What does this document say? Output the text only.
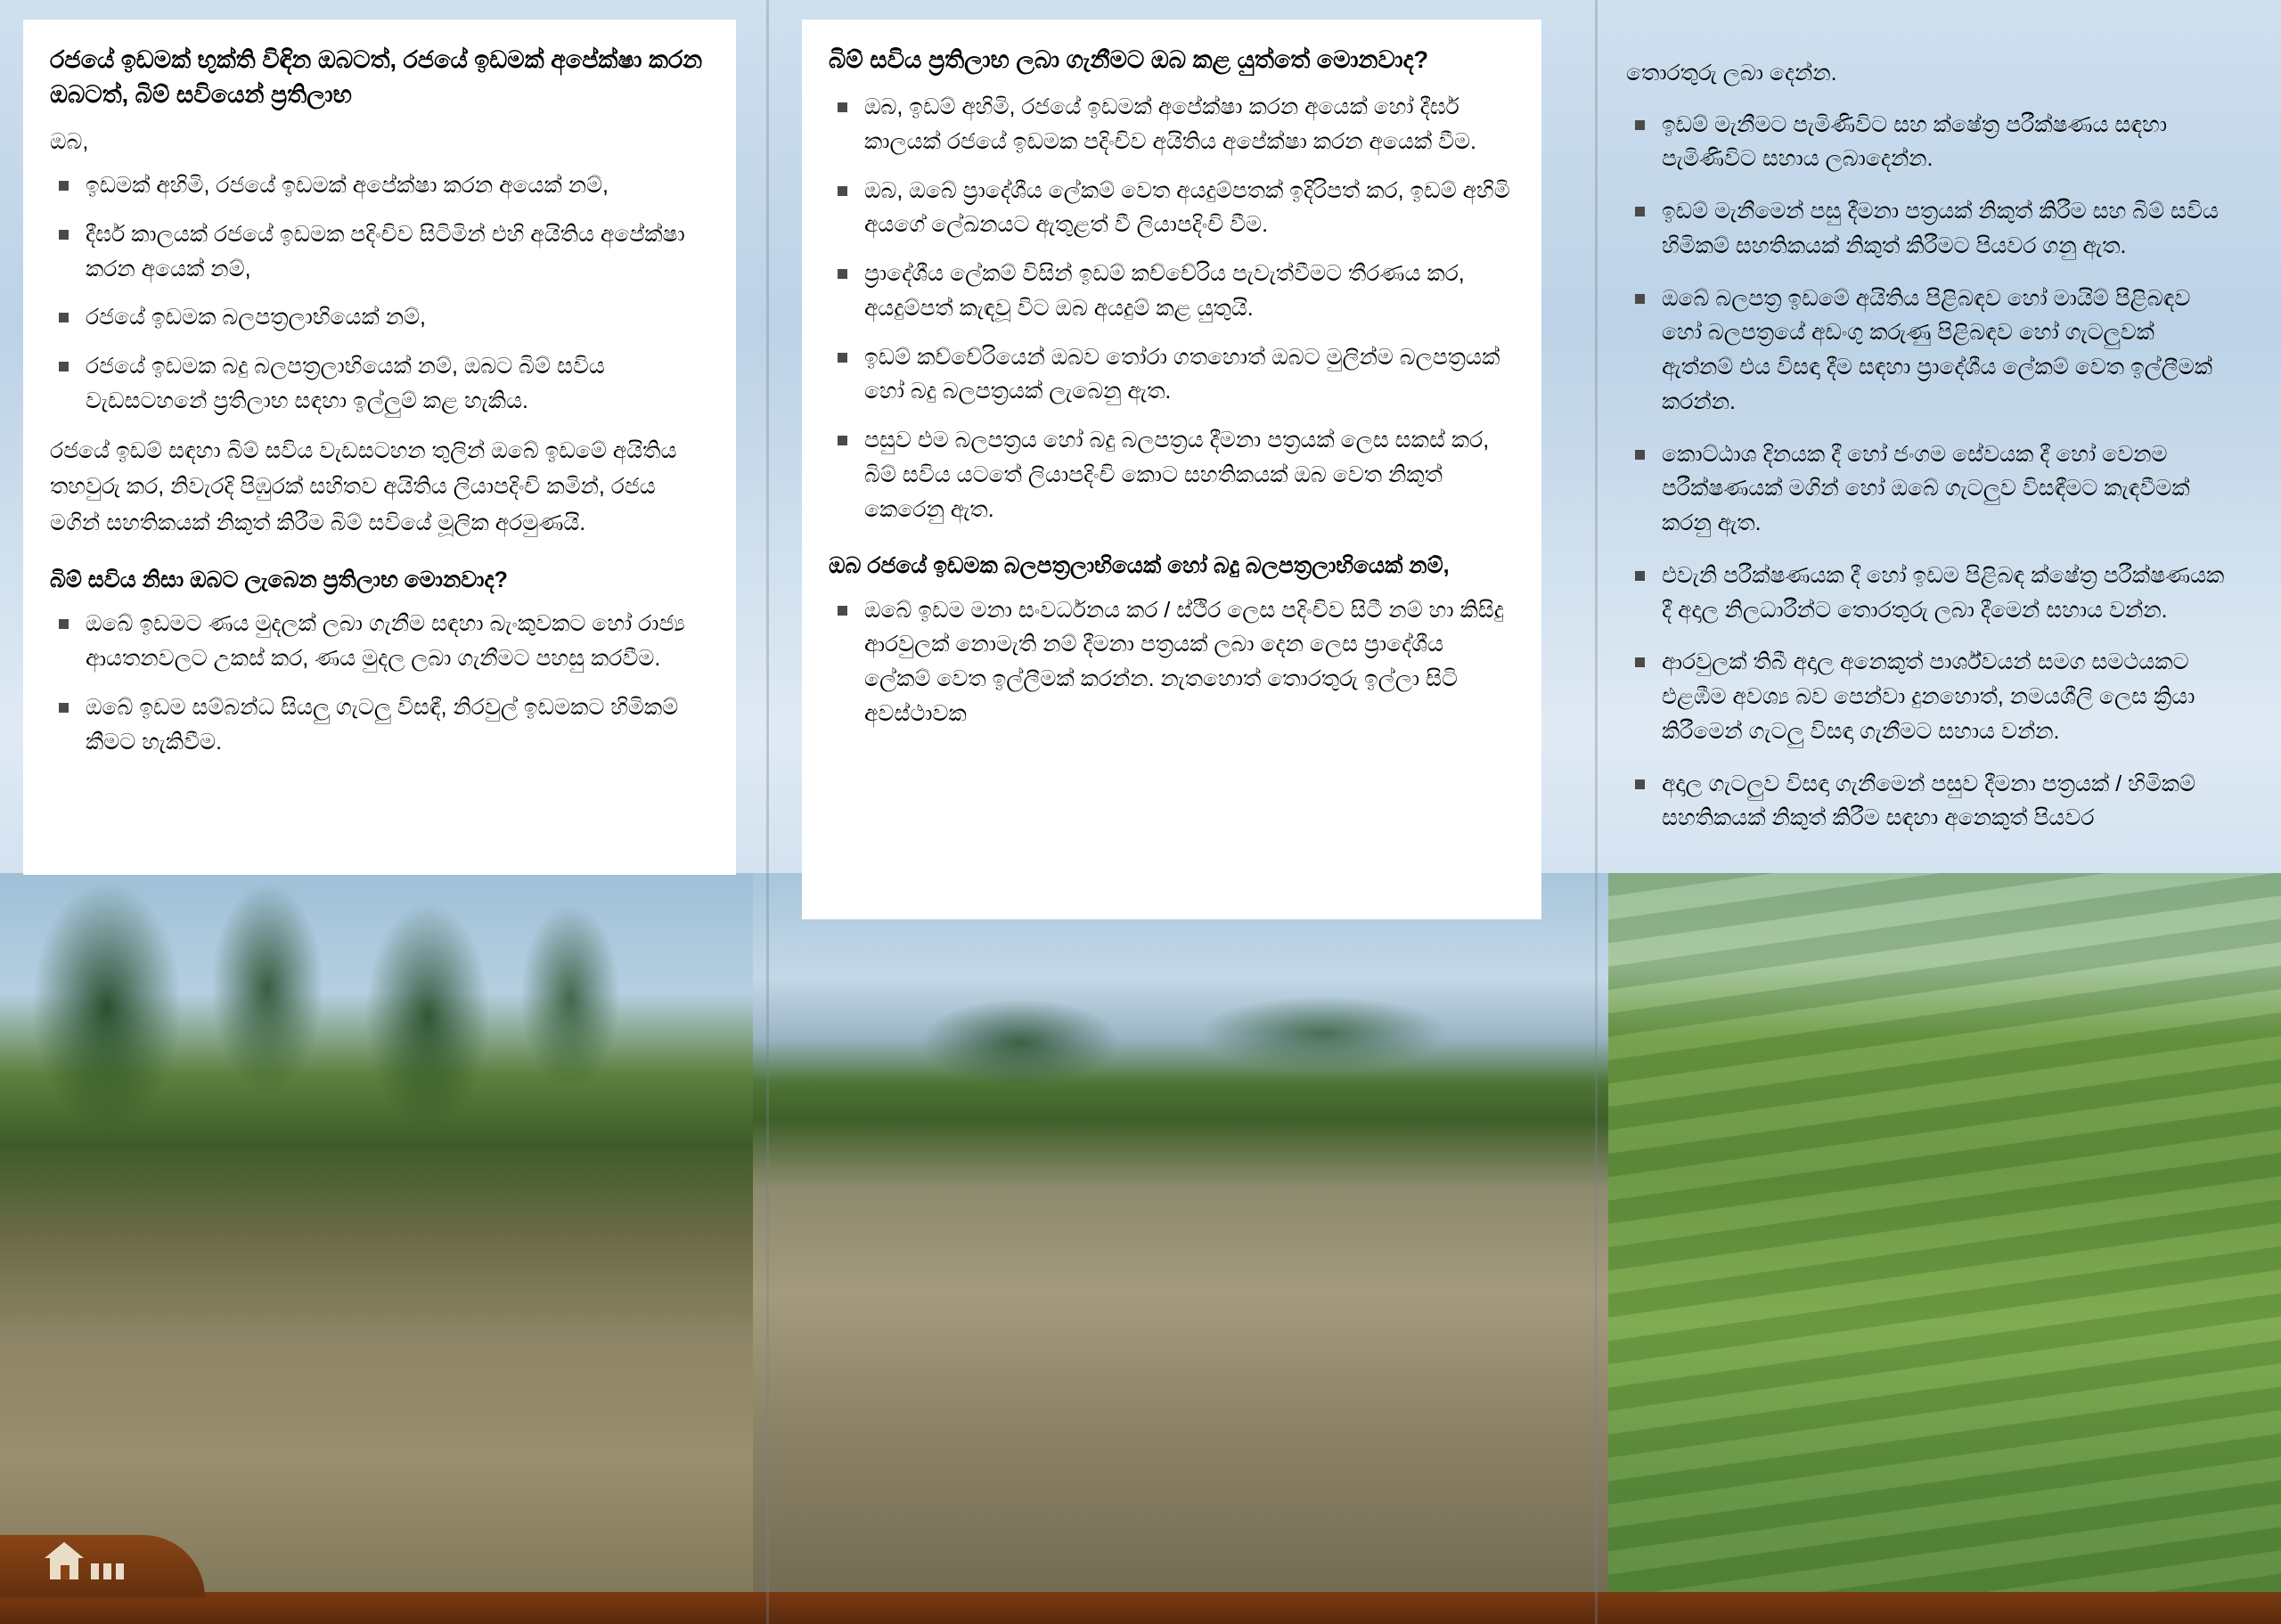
රජයේ ඉඩමක් භුක්ති විඳින ඔබටත්, රජයේ ඉඩමක් අපේක්ෂා කරන ඔබටත්, බිම් සවියෙන් ප්‍රතිලාභ

ඔබ,

ඉඩමක් අහිමි, රජයේ ඉඩමක් අපේක්ෂා කරන අයෙක් නම්,
දීර්ඝ කාලයක් රජයේ ඉඩමක පදිංචිව සිටිමින් එහි අයිතිය අපේක්ෂා කරන අයෙක් නම්,
රජයේ ඉඩමක බලපත්‍රලාභියෙක් නම්,
රජයේ ඉඩමක බදු බලපත්‍රලාභියෙක් නම්, ඔබට බිම් සවිය වැඩසටහනේ ප්‍රතිලාභ සඳහා ඉල්ලුම් කළ හැකිය.

රජයේ ඉඩම් සඳහා බිම් සවිය වැඩසටහන තුලින් ඔබේ ඉඩමේ අයිතිය තහවුරු කර, නිවැරදි පිඹුරක් සහිතව අයිතිය ලියාපදිංචි කමින්, රජය මගින් සහතිකයක් නිකුත් කිරීම බිම් සවියේ මූලික අරමුණයි.

බිම් සවිය නිසා ඔබට ලැබෙන ප්‍රතිලාභ මොනවාද?
ඔබේ ඉඩමට ණය මුදලක් ලබා ගැනීම සඳහා බැංකුවකට හෝ රාජ්‍ය ආයතනවලට උකස් කර, ණය මුදල ලබා ගැනීමට පහසු කරවීම.
ඔබේ ඉඩම සම්බන්ධ සියලු ගැටලු විසඳී, නිරවුල් ඉඩමකට හිමිකම් කීමට හැකිවීම.
බිම් සවිය ප්‍රතිලාභ ලබා ගැනීමට ඔබ කළ යුත්තේ මොනවාද?
ඔබ, ඉඩම් අහිමි, රජයේ ඉඩමක් අපේක්ෂා කරන අයෙක් හෝ දීර්ඝ කාලයක් රජයේ ඉඩමක පදිංචිව අයිතිය අපේක්ෂා කරන අයෙක් වීම.
ඔබ, ඔබේ ප්‍රාදේශීය ලේකම් වෙත අයදුම්පතක් ඉදිරිපත් කර, ඉඩම් අහිමි අයගේ ලේඛනයට ඇතුළත් වී ලියාපදිංචි වීම.
ප්‍රාදේශීය ලේකම් විසින් ඉඩම් කච්චේරිය පැවැත්වීමට තීරණය කර, අයදුම්පත් කැඳවූ විට ඔබ අයදුම් කළ යුතුයි.
ඉඩම් කච්චේරියෙන් ඔබව තෝරා ගතහොත් ඔබට මුලින්ම බලපත්‍රයක් හෝ බදු බලපත්‍රයක් ලැබෙනු ඇත.
පසුව එම බලපත්‍රය හෝ බදු බලපත්‍රය දීමනා පත්‍රයක් ලෙස සකස් කර, බිම් සවිය යටතේ ලියාපදිංචි කොට සහතිකයක් ඔබ වෙත නිකුත් කෙරෙනු ඇත.
ඔබ රජයේ ඉඩමක බලපත්‍රලාභියෙක් හෝ බදු බලපත්‍රලාභියෙක් නම්,
ඔබේ ඉඩම මනා සංවර්ධනය කර / ස්ථිර ලෙස පදිංචිව සිටී නම් හා කිසිදු ආරවුලක් නොමැති නම් දීමනා පත්‍රයක් ලබා දෙන ලෙස ප්‍රාදේශීය ලේකම් වෙත ඉල්ලීමක් කරන්න. නැතහොත් තොරතුරු ඉල්ලා සිටි අවස්ථාවක

තොරතුරු ලබා දෙන්න.

ඉඩම් මැනීමට පැමිණිවිට සහ ක්ෂේත්‍ර පරීක්ෂණය සඳහා පැමිණිවිට සහාය ලබාදෙන්න.
ඉඩම් මැනීමෙන් පසු දීමනා පත්‍රයක් නිකුත් කිරීම සහ බිම් සවිය හිමිකම් සහතිකයක් නිකුත් කිරීමට පියවර ගනු ඇත.
ඔබේ බලපත්‍ර ඉඩමේ අයිතිය පිළිබඳව හෝ මායිම් පිළිබඳව හෝ බලපත්‍රයේ අඩංගු කරුණු පිළිබඳව හෝ ගැටලුවක් ඇත්නම් එය විසඳා දීම සඳහා ප්‍රාදේශීය ලේකම් වෙත ඉල්ලීමක් කරන්න.
කොට්ඨාශ දිනයක දී හෝ ජංගම සේවයක දී හෝ වෙනම පරීක්ෂණයක් මගින් හෝ ඔබේ ගැටලුව විසඳීමට කැඳවීමක් කරනු ඇත.
එවැනි පරීක්ෂණයක දී හෝ ඉඩම පිළිබඳ ක්ෂේත්‍ර පරීක්ෂණයක දී අදාල නිලධාරීන්ට තොරතුරු ලබා දීමෙන් සහාය වන්න.
ආරවුලක් තිබී අදාල අනෙකුත් පාර්ශ්වයන් සමග සමථයකට එළඹීම අවශ්‍ය බව පෙන්වා දුනහොත්, නමයශීලි ලෙස ක්‍රියා කිරීමෙන් ගැටලු විසඳා ගැනීමට සහාය වන්න.
අදාල ගැටලුව විසඳා ගැනීමෙන් පසුව දීමනා පත්‍රයක් / හිමිකම් සහතිකයක් නිකුත් කිරීම සඳහා අනෙකුත් පියවර
